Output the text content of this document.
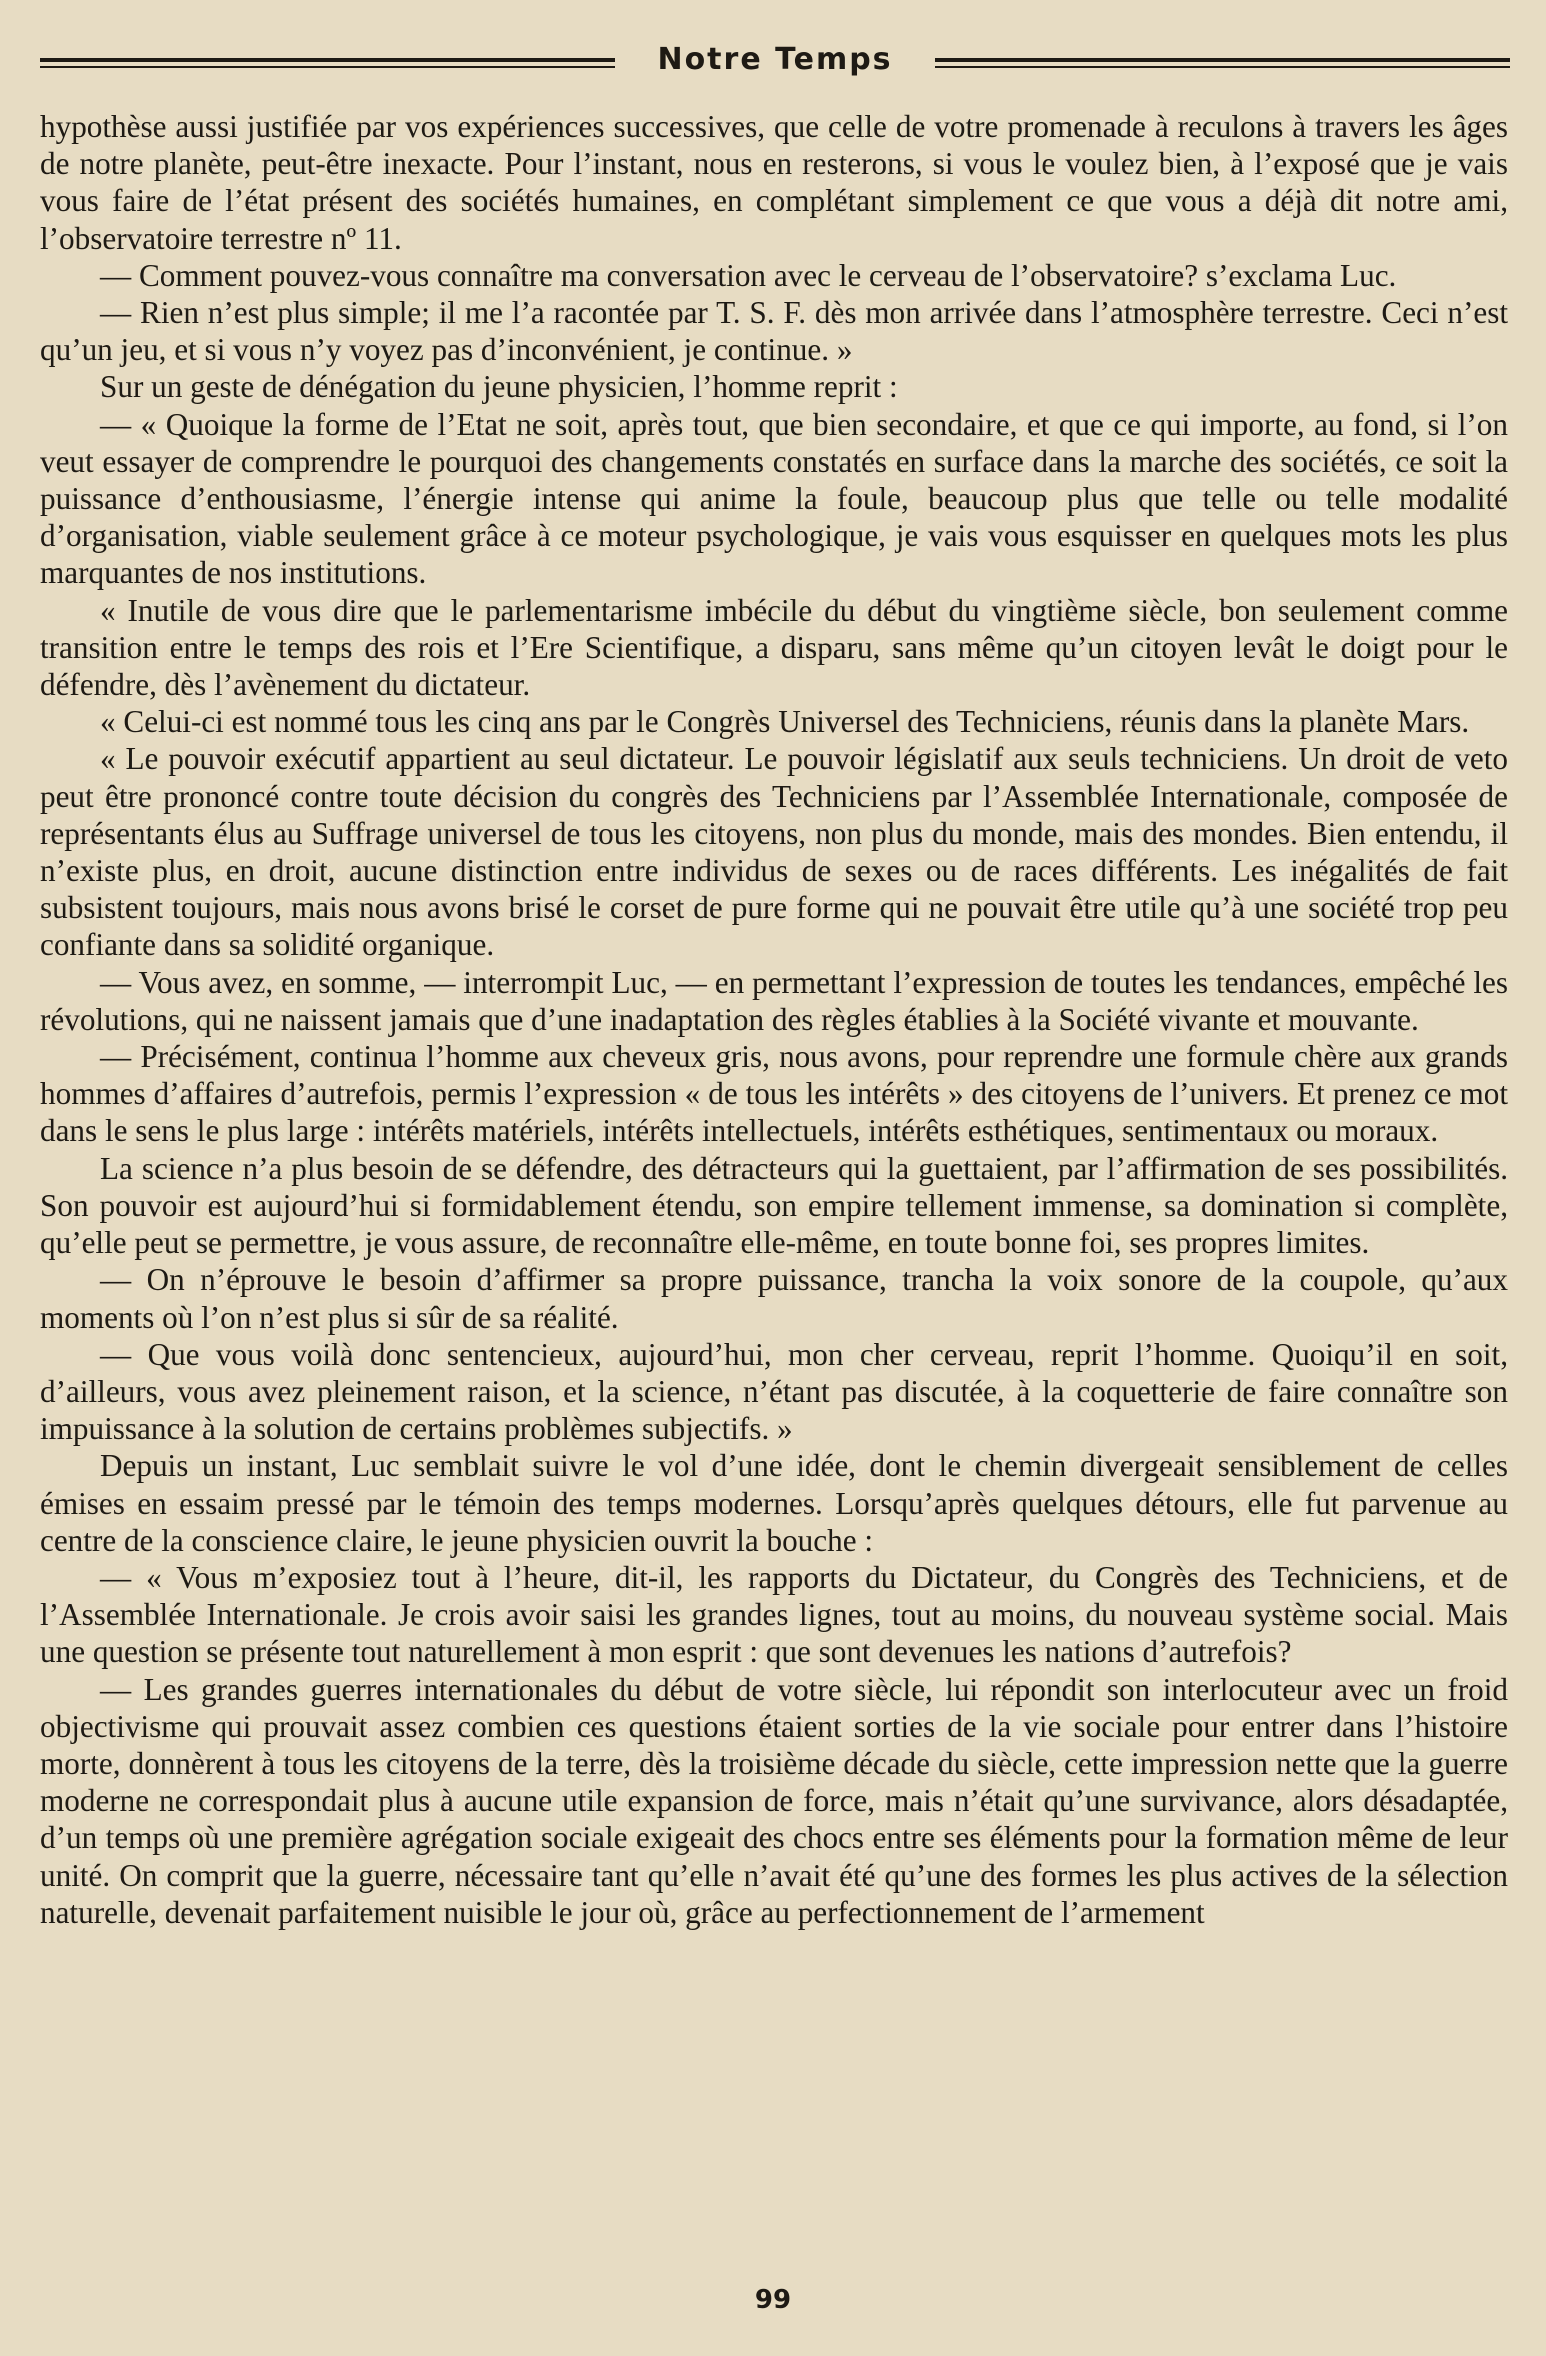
Notre Temps

hypothèse aussi justifiée par vos expériences successives, que celle de votre promenade à reculons à travers les âges de notre planète, peut-être inexacte. Pour l’instant, nous en resterons, si vous le voulez bien, à l’exposé que je vais vous faire de l’état présent des sociétés humaines, en complétant simplement ce que vous a déjà dit notre ami, l’observatoire terrestre nº 11.

— Comment pouvez-vous connaître ma conversation avec le cerveau de l’observatoire? s’exclama Luc.

— Rien n’est plus simple; il me l’a racontée par T. S. F. dès mon arrivée dans l’atmosphère terrestre. Ceci n’est qu’un jeu, et si vous n’y voyez pas d’inconvénient, je continue. »

Sur un geste de dénégation du jeune physicien, l’homme reprit :

— « Quoique la forme de l’Etat ne soit, après tout, que bien secondaire, et que ce qui importe, au fond, si l’on veut essayer de comprendre le pourquoi des changements constatés en surface dans la marche des sociétés, ce soit la puissance d’enthousiasme, l’énergie intense qui anime la foule, beaucoup plus que telle ou telle modalité d’organisation, viable seulement grâce à ce moteur psychologique, je vais vous esquisser en quelques mots les plus marquantes de nos institutions.

« Inutile de vous dire que le parlementarisme imbécile du début du vingtième siècle, bon seulement comme transition entre le temps des rois et l’Ere Scientifique, a disparu, sans même qu’un citoyen levât le doigt pour le défendre, dès l’avènement du dictateur.

« Celui-ci est nommé tous les cinq ans par le Congrès Universel des Techniciens, réunis dans la planète Mars.

« Le pouvoir exécutif appartient au seul dictateur. Le pouvoir législatif aux seuls techniciens. Un droit de veto peut être prononcé contre toute décision du congrès des Techniciens par l’Assemblée Internationale, composée de représentants élus au Suffrage universel de tous les citoyens, non plus du monde, mais des mondes. Bien entendu, il n’existe plus, en droit, aucune distinction entre individus de sexes ou de races différents. Les inégalités de fait subsistent toujours, mais nous avons brisé le corset de pure forme qui ne pouvait être utile qu’à une société trop peu confiante dans sa solidité organique.

— Vous avez, en somme, — interrompit Luc, — en permettant l’expression de toutes les tendances, empêché les révolutions, qui ne naissent jamais que d’une inadaptation des règles établies à la Société vivante et mouvante.

— Précisément, continua l’homme aux cheveux gris, nous avons, pour reprendre une formule chère aux grands hommes d’affaires d’autrefois, permis l’expression « de tous les intérêts » des citoyens de l’univers. Et prenez ce mot dans le sens le plus large : intérêts matériels, intérêts intellectuels, intérêts esthétiques, sentimentaux ou moraux.

La science n’a plus besoin de se défendre, des détracteurs qui la guettaient, par l’affirmation de ses possibilités. Son pouvoir est aujourd’hui si formidablement étendu, son empire tellement immense, sa domination si complète, qu’elle peut se permettre, je vous assure, de reconnaître elle-même, en toute bonne foi, ses propres limites.

— On n’éprouve le besoin d’affirmer sa propre puissance, trancha la voix sonore de la coupole, qu’aux moments où l’on n’est plus si sûr de sa réalité.

— Que vous voilà donc sentencieux, aujourd’hui, mon cher cerveau, reprit l’homme. Quoiqu’il en soit, d’ailleurs, vous avez pleinement raison, et la science, n’étant pas discutée, à la coquetterie de faire connaître son impuissance à la solution de certains problèmes subjectifs. »

Depuis un instant, Luc semblait suivre le vol d’une idée, dont le chemin divergeait sensiblement de celles émises en essaim pressé par le témoin des temps modernes. Lorsqu’après quelques détours, elle fut parvenue au centre de la conscience claire, le jeune physicien ouvrit la bouche :

— « Vous m’exposiez tout à l’heure, dit-il, les rapports du Dictateur, du Congrès des Techniciens, et de l’Assemblée Internationale. Je crois avoir saisi les grandes lignes, tout au moins, du nouveau système social. Mais une question se présente tout naturellement à mon esprit : que sont devenues les nations d’autrefois?

— Les grandes guerres internationales du début de votre siècle, lui répondit son interlocuteur avec un froid objectivisme qui prouvait assez combien ces questions étaient sorties de la vie sociale pour entrer dans l’histoire morte, donnèrent à tous les citoyens de la terre, dès la troisième décade du siècle, cette impression nette que la guerre moderne ne correspondait plus à aucune utile expansion de force, mais n’était qu’une survivance, alors désadaptée, d’un temps où une première agrégation sociale exigeait des chocs entre ses éléments pour la formation même de leur unité. On comprit que la guerre, nécessaire tant qu’elle n’avait été qu’une des formes les plus actives de la sélection naturelle, devenait parfaitement nuisible le jour où, grâce au perfectionnement de l’armement

99
